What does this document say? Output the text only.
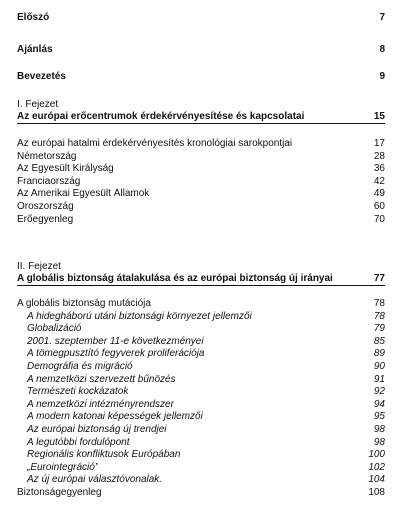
Előszó	7
Ajánlás	8
Bevezetés	9
I. Fejezet
Az európai erőcentrumok érdekérvényesítése és kapcsolatai	15
Az európai hatalmi érdekérvényesítés kronológiai sarokpontjai	17
Németország	28
Az Egyesült Királyság	36
Franciaország	42
Az Amerikai Egyesült Államok	49
Oroszország	60
Erőegyenleg	70
II. Fejezet
A globális biztonság átalakulása és az európai biztonság új irányai	77
A globális biztonság mutációja	78
A hidegháború utáni biztonsági környezet jellemzői	78
Globalizáció	79
2001. szeptember 11-e következményei	85
A tömegpusztító fegyverek proliferációja	89
Demográfia és migráció	90
A nemzetközi szervezett bűnözés	91
Természeti kockázatok	92
A nemzetközi intézményrendszer	94
A modern katonai képességek jellemzői	95
Az európai biztonság új trendjei	98
A legutóbbi fordulópont	98
Regionális konfliktusok Európában	100
„Eurointegráció”	102
Az új európai választóvonalak.	104
Biztonságegyenleg	108
